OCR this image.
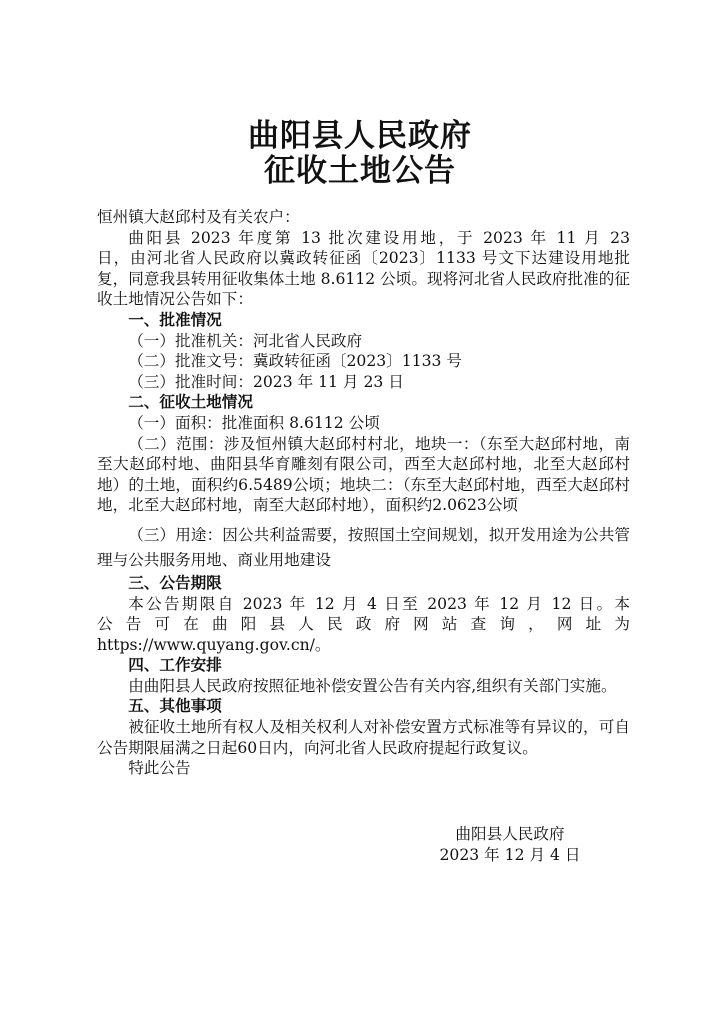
曲阳县人民政府
征收土地公告

恒州镇大赵邱村及有关农户：

曲阳县 2023 年度第 13 批次建设用地，于 2023 年 11 月 23

日，由河北省人民政府以冀政转征函〔2023〕1133 号文下达建设用地批复，同意我县转用征收集体土地 8.6112 公顷。现将河北省人民政府批准的征收土地情况公告如下：

一、批准情况

（一）批准机关：河北省人民政府

（二）批准文号：冀政转征函〔2023〕1133 号

（三）批准时间：2023 年 11 月 23 日

二、征收土地情况

（一）面积：批准面积 8.6112 公顷

（二）范围：涉及恒州镇大赵邱村村北，地块一：（东至大赵邱村地，南至大赵邱村地、曲阳县华育雕刻有限公司，西至大赵邱村地，北至大赵邱村地）的土地，面积约6.5489公顷；地块二：（东至大赵邱村地，西至大赵邱村地，北至大赵邱村地，南至大赵邱村地），面积约2.0623公顷

（三）用途：因公共利益需要，按照国土空间规划，拟开发用途为公共管理与公共服务用地、商业用地建设

三、公告期限

本公告期限自 2023 年 12 月 4 日至 2023 年 12 月 12 日。本

公告可在曲阳县人民政府网站查询，网址为

https://www.quyang.gov.cn/。

四、工作安排

由曲阳县人民政府按照征地补偿安置公告有关内容,组织有关部门实施。

五、其他事项

被征收土地所有权人及相关权利人对补偿安置方式标准等有异议的，可自公告期限届满之日起60日内，向河北省人民政府提起行政复议。

特此公告

曲阳县人民政府
2023 年 12 月 4 日
